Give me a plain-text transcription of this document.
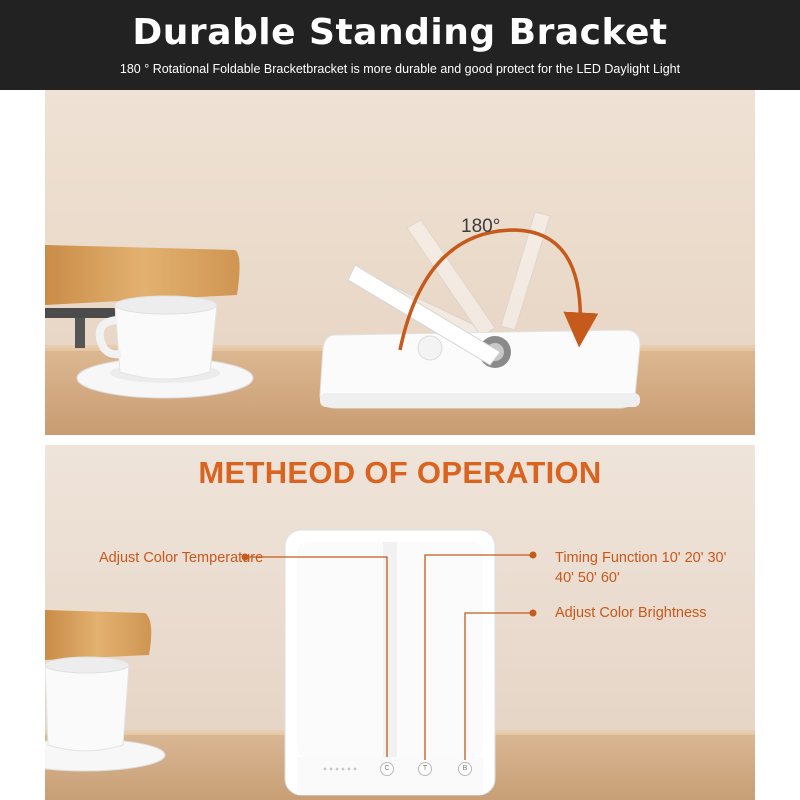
Durable Standing Bracket
180 ° Rotational Foldable Bracketbracket is more durable and good protect for the LED Daylight Light
180°
METHEOD OF OPERATION
Adjust Color Temperature	Timing Function 10' 20' 30'
40' 50' 60'
Adjust Color Brightness
C	T	B
